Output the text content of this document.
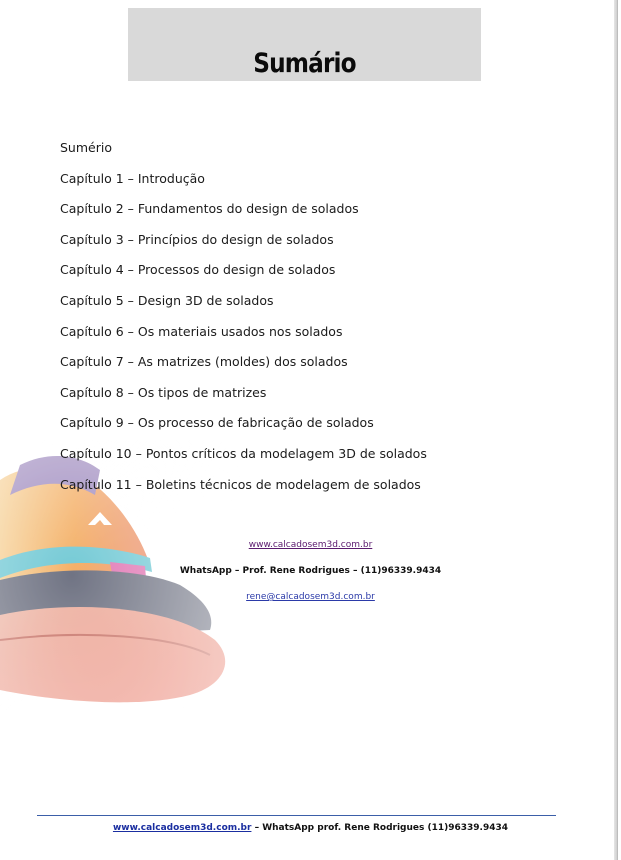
Sumário
Sumério
Capítulo 1 – Introdução
Capítulo 2 – Fundamentos do design de solados
Capítulo 3 – Princípios do design de solados
Capítulo 4 – Processos do design de solados
Capítulo 5 – Design 3D de solados
Capítulo 6 – Os materiais usados nos solados
Capítulo 7 – As matrizes (moldes) dos solados
Capítulo 8 – Os tipos de matrizes
Capítulo 9 – Os processo de fabricação de solados
Capítulo 10 – Pontos críticos da modelagem 3D de solados
Capítulo 11 – Boletins técnicos de modelagem de solados
www.calcadosem3d.com.br
WhatsApp – Prof. Rene Rodrigues – (11)96339.9434
rene@calcadosem3d.com.br
www.calcadosem3d.com.br – WhatsApp prof. Rene Rodrigues (11)96339.9434
